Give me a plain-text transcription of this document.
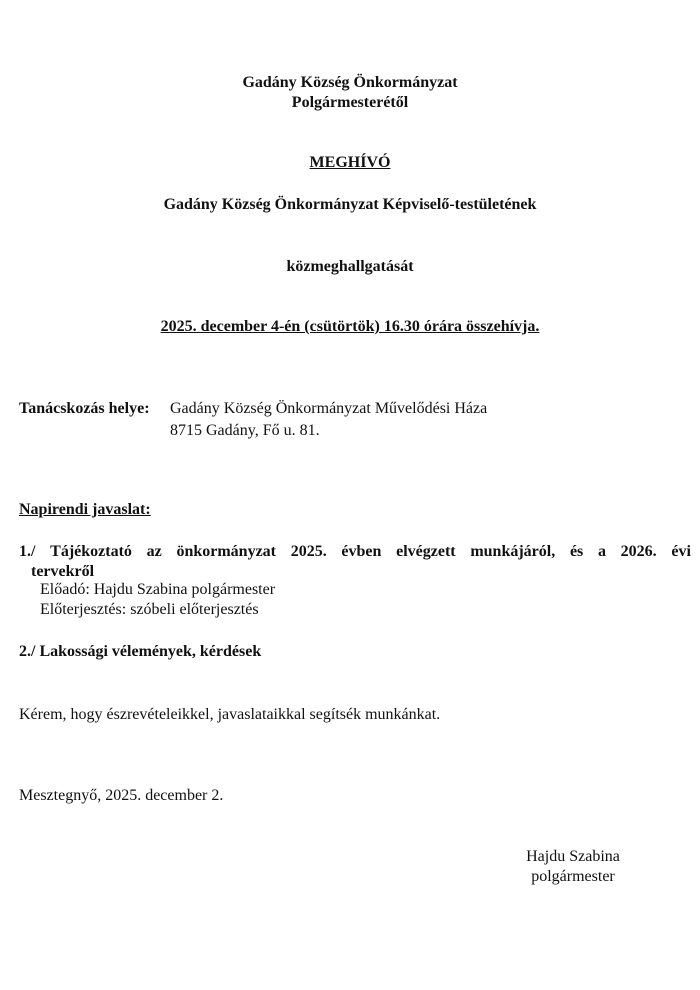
Gadány Község Önkormányzat
Polgármesterétől
MEGHÍVÓ
Gadány Község Önkormányzat Képviselő-testületének
közmeghallgatását
2025. december 4-én (csütörtök) 16.30 órára összehívja.
Tanácskozás helye: Gadány Község Önkormányzat Művelődési Háza
8715 Gadány, Fő u. 81.
Napirendi javaslat:
1./ Tájékoztató az önkormányzat 2025. évben elvégzett munkájáról, és a 2026. évi
tervekről
Előadó: Hajdu Szabina polgármester
Előterjesztés: szóbeli előterjesztés
2./ Lakossági vélemények, kérdések
Kérem, hogy észrevételeikkel, javaslataikkal segítsék munkánkat.
Mesztegnyő, 2025. december 2.
Hajdu Szabina
polgármester
